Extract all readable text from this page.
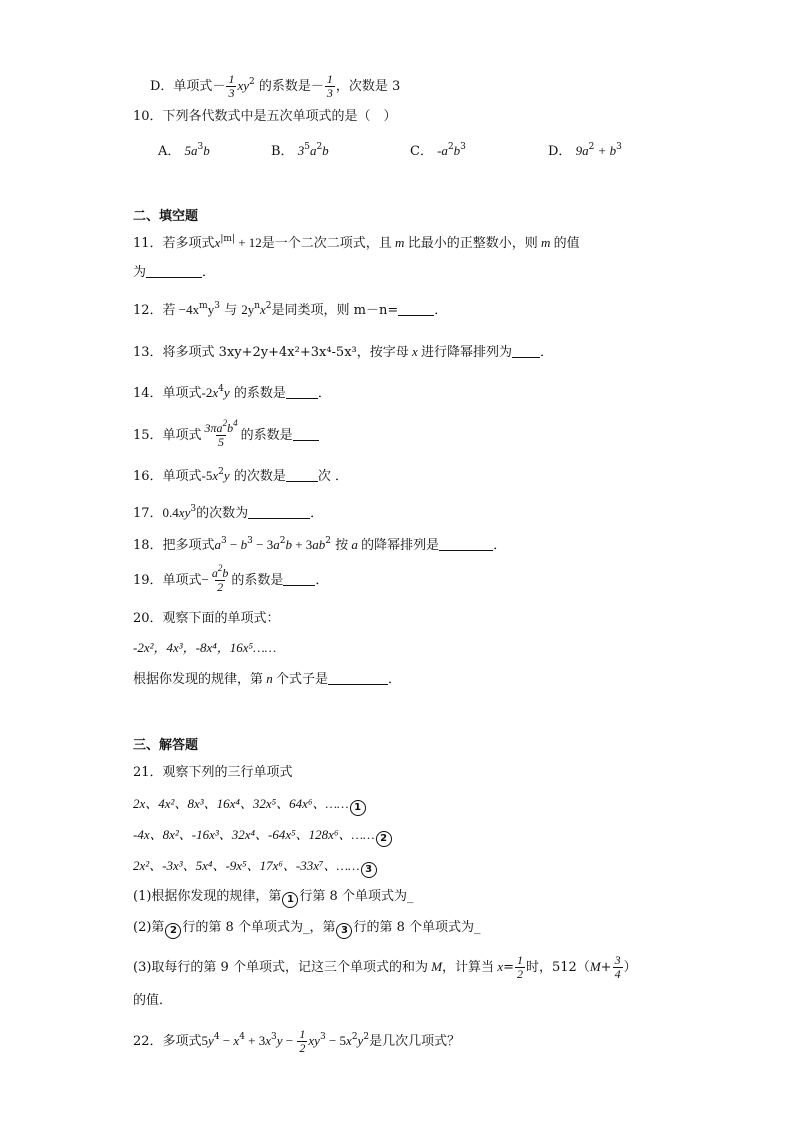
D．单项式－ $\frac{1}{3} xy^2$ 的系数是－ $\frac{1}{3}$ ，次数是 3
10．下列各代数式中是五次单项式的是（　）
A． $5a^3b$	B． $3^5a^2b$	C． $-a^2b^3$	D． $9a^2 + b^3$
二、填空题
11．若多项式$x^{|m|} + 12$是一个二次二项式，且 m 比最小的正整数小，则 m 的值
为	．
12．若 $-4x^my^3$ 与 $2y^nx^2$是同类项，则 m－n=	．
13．将多项式 3xy+2y+4x²+3x⁴-5x³，按字母 x 进行降幂排列为 ．
14．单项式$-2x^4y$ 的系数是 ．
15．单项式 $\frac{3\pi a^2b^4}{5}$ 的系数是
16．单项式$-5x^2y$ 的次数是 次 ．
17．$0.4xy^3$的次数为	．
18．把多项式$a^3 - b^3 - 3a^2b + 3ab^2$ 按 a 的降幂排列是	．
19．单项式− $\frac{a^2b}{2}$ 的系数是 ．
20．观察下面的单项式：
-2x²，4x³，-8x⁴，16x⁵……
根据你发现的规律，第 n 个式子是	．
三、解答题
21．观察下列的三行单项式
2x、4x²、8x³、16x⁴、32x⁵、64x⁶、…… 1
-4x、8x²、-16x³、32x⁴、-64x⁵、128x⁶、…… 2
2x²、-3x³、5x⁴、-9x⁵、17x⁶、-33x⁷、…… 3
(1)根据你发现的规律，第 1 行第 8 个单项式为_
(2)第 2 行的第 8 个单项式为_，第 3 行的第 8 个单项式为_
(3)取每行的第 9 个单项式，记这三个单项式的和为 M，计算当 $x= \frac{1}{2}$ 时，$512(M+ \frac{3}{4}$ ）
的值．
22．多项式$5y^4 - x^4 + 3x^3y - \frac{1}{2} xy^3 - 5x^2y^2$是几次几项式？
